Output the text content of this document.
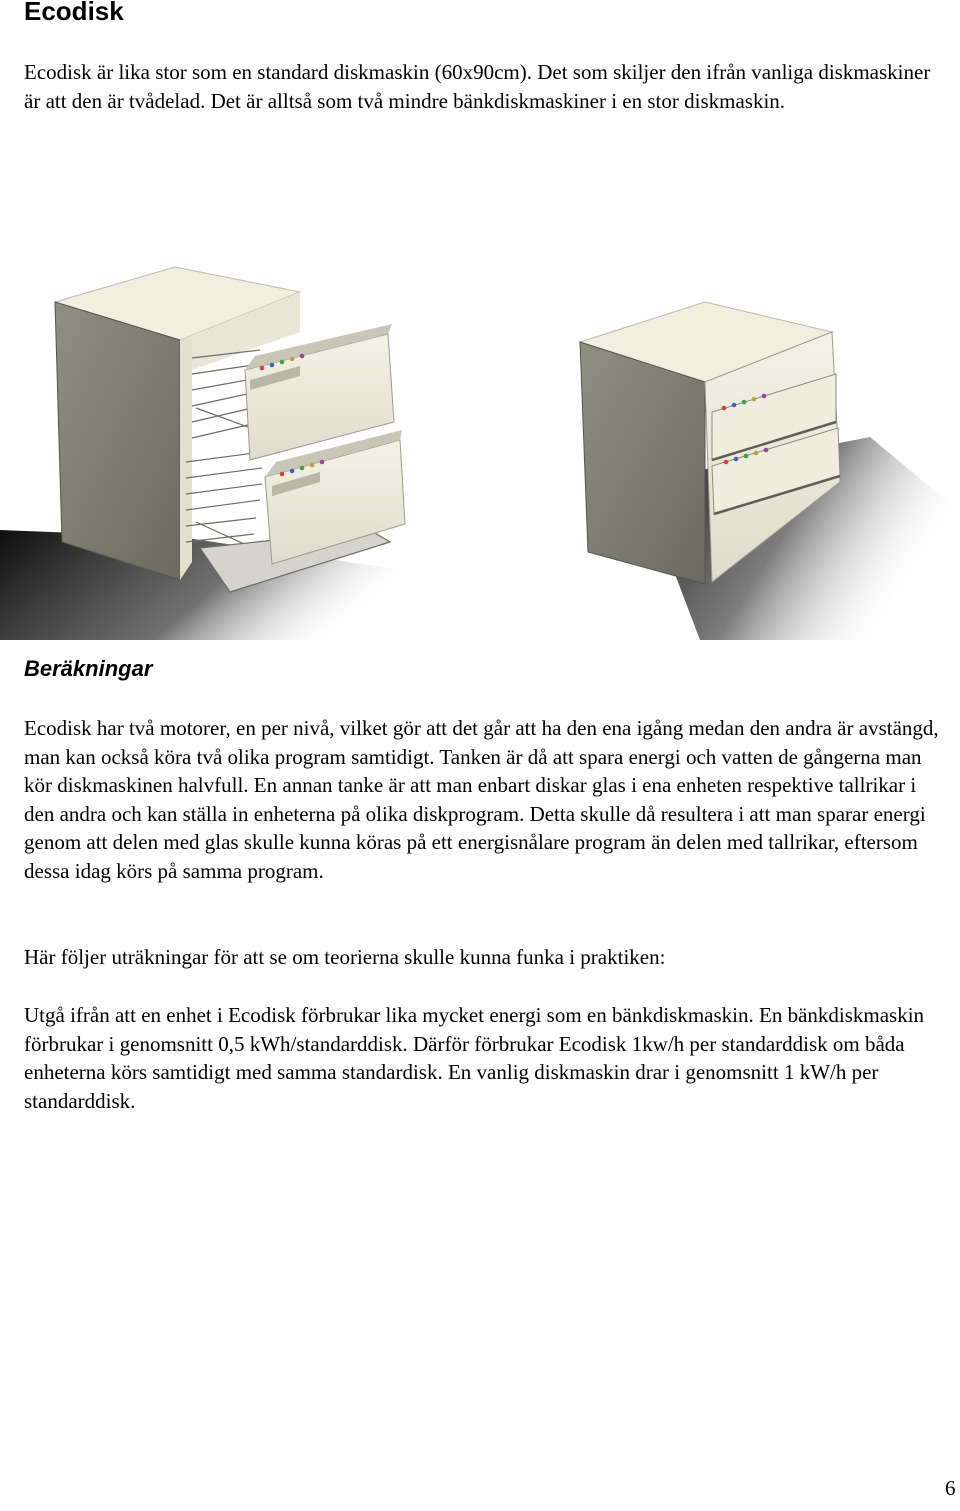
Ecodisk

Ecodisk är lika stor som en standard diskmaskin (60x90cm). Det som skiljer den ifrån vanliga diskmaskiner är att den är tvådelad. Det är alltså som två mindre bänkdiskmaskiner i en stor diskmaskin.

Beräkningar

Ecodisk har två motorer, en per nivå, vilket gör att det går att ha den ena igång medan den andra är avstängd, man kan också köra två olika program samtidigt. Tanken är då att spara energi och vatten de gångerna man kör diskmaskinen halvfull. En annan tanke är att man enbart diskar glas i ena enheten respektive tallrikar i den andra och kan ställa in enheterna på olika diskprogram. Detta skulle då resultera i att man sparar energi genom att delen med glas skulle kunna köras på ett energisnålare program än delen med tallrikar, eftersom dessa idag körs på samma program.

Här följer uträkningar för att se om teorierna skulle kunna funka i praktiken:

Utgå ifrån att en enhet i Ecodisk förbrukar lika mycket energi som en bänkdiskmaskin. En bänkdiskmaskin förbrukar i genomsnitt 0,5 kWh/standarddisk. Därför förbrukar Ecodisk 1kw/h per standarddisk om båda enheterna körs samtidigt med samma standardisk. En vanlig diskmaskin drar i genomsnitt 1 kW/h per standarddisk.

6
